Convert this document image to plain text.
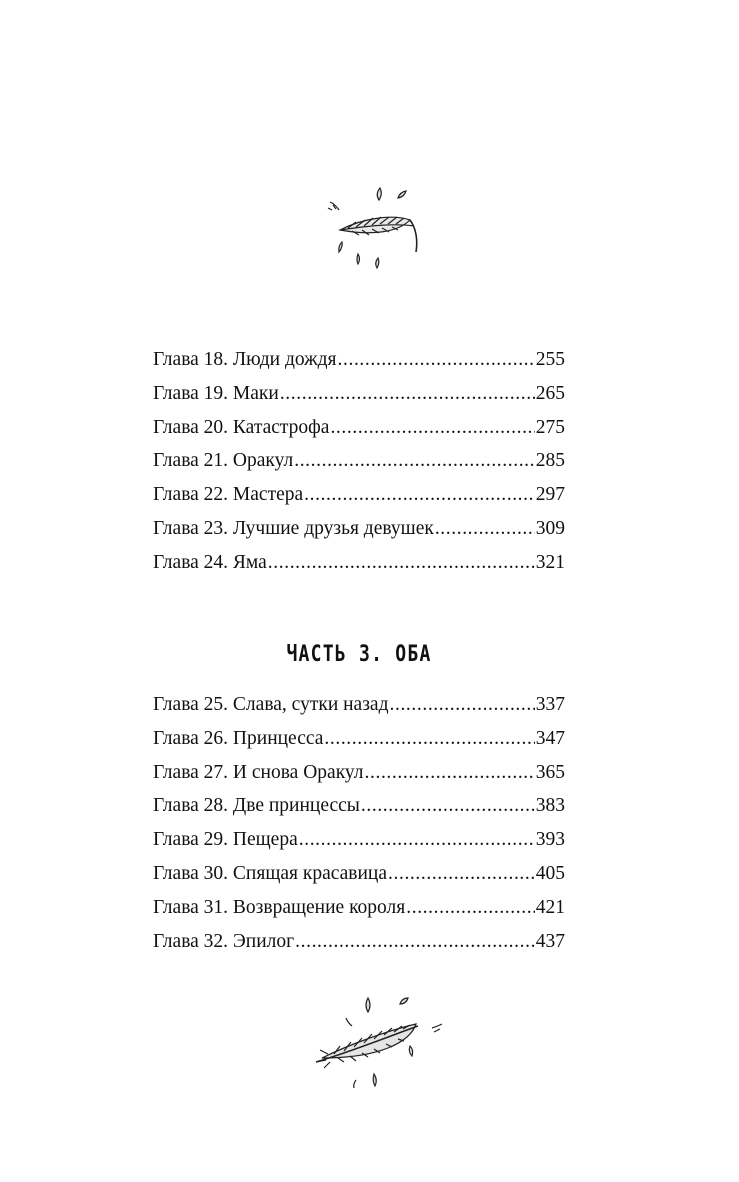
Глава 18. Люди дождя .....	255
Глава 19. Маки .....	265
Глава 20. Катастрофа .....	275
Глава 21. Оракул .....	285
Глава 22. Мастера .....	297
Глава 23. Лучшие друзья девушек .....	309
Глава 24. Яма .....	321
ЧАСТЬ 3. ОБА
Глава 25. Слава, сутки назад .....	337
Глава 26. Принцесса .....	347
Глава 27. И снова Оракул .....	365
Глава 28. Две принцессы .....	383
Глава 29. Пещера .....	393
Глава 30. Спящая красавица .....	405
Глава 31. Возвращение короля .....	421
Глава 32. Эпилог .....	437
